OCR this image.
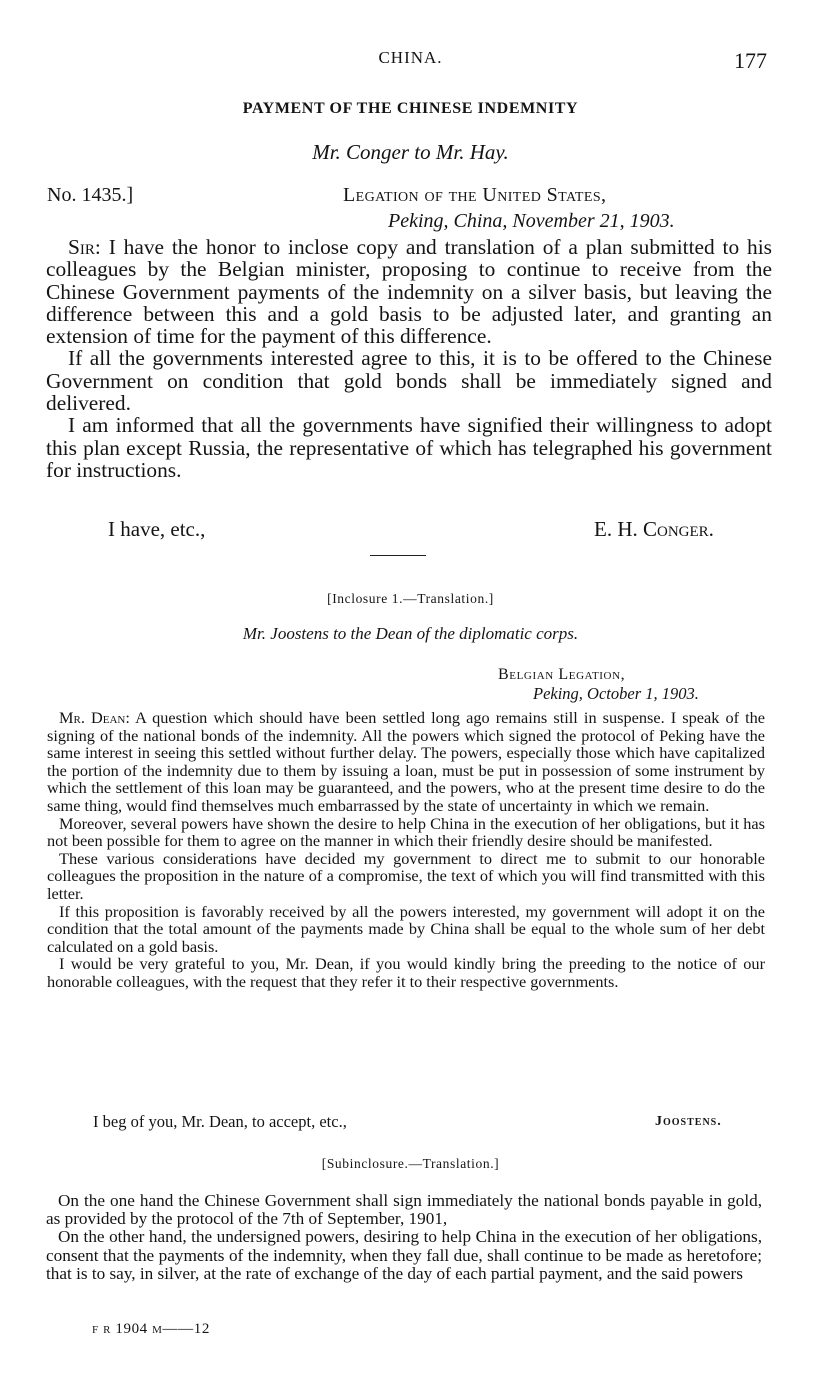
CHINA.	177
PAYMENT OF THE CHINESE INDEMNITY
Mr. Conger to Mr. Hay.
No. 1435.]	Legation of the United States,
Peking, China, November 21, 1903.

Sir: I have the honor to inclose copy and translation of a plan submitted to his colleagues by the Belgian minister, proposing to continue to receive from the Chinese Government payments of the indemnity on a silver basis, but leaving the difference between this and a gold basis to be adjusted later, and granting an extension of time for the payment of this difference.

If all the governments interested agree to this, it is to be offered to the Chinese Government on condition that gold bonds shall be immediately signed and delivered.

I am informed that all the governments have signified their willingness to adopt this plan except Russia, the representative of which has telegraphed his government for instructions.

I have, etc.,	E. H. Conger.
[Inclosure 1.—Translation.]
Mr. Joostens to the Dean of the diplomatic corps.
Belgian Legation,
Peking, October 1, 1903.

Mr. Dean: A question which should have been settled long ago remains still in suspense. I speak of the signing of the national bonds of the indemnity. All the powers which signed the protocol of Peking have the same interest in seeing this settled without further delay. The powers, especially those which have capitalized the portion of the indemnity due to them by issuing a loan, must be put in possession of some instrument by which the settlement of this loan may be guaranteed, and the powers, who at the present time desire to do the same thing, would find themselves much embarrassed by the state of uncertainty in which we remain.

Moreover, several powers have shown the desire to help China in the execution of her obligations, but it has not been possible for them to agree on the manner in which their friendly desire should be manifested.

These various considerations have decided my government to direct me to submit to our honorable colleagues the proposition in the nature of a compromise, the text of which you will find transmitted with this letter.

If this proposition is favorably received by all the powers interested, my government will adopt it on the condition that the total amount of the payments made by China shall be equal to the whole sum of her debt calculated on a gold basis.

I would be very grateful to you, Mr. Dean, if you would kindly bring the preeding to the notice of our honorable colleagues, with the request that they refer it to their respective governments.

I beg of you, Mr. Dean, to accept, etc.,	Joostens.
[Subinclosure.—Translation.]

On the one hand the Chinese Government shall sign immediately the national bonds payable in gold, as provided by the protocol of the 7th of September, 1901,

On the other hand, the undersigned powers, desiring to help China in the execution of her obligations, consent that the payments of the indemnity, when they fall due, shall continue to be made as heretofore; that is to say, in silver, at the rate of exchange of the day of each partial payment, and the said powers

f r 1904 m——12
